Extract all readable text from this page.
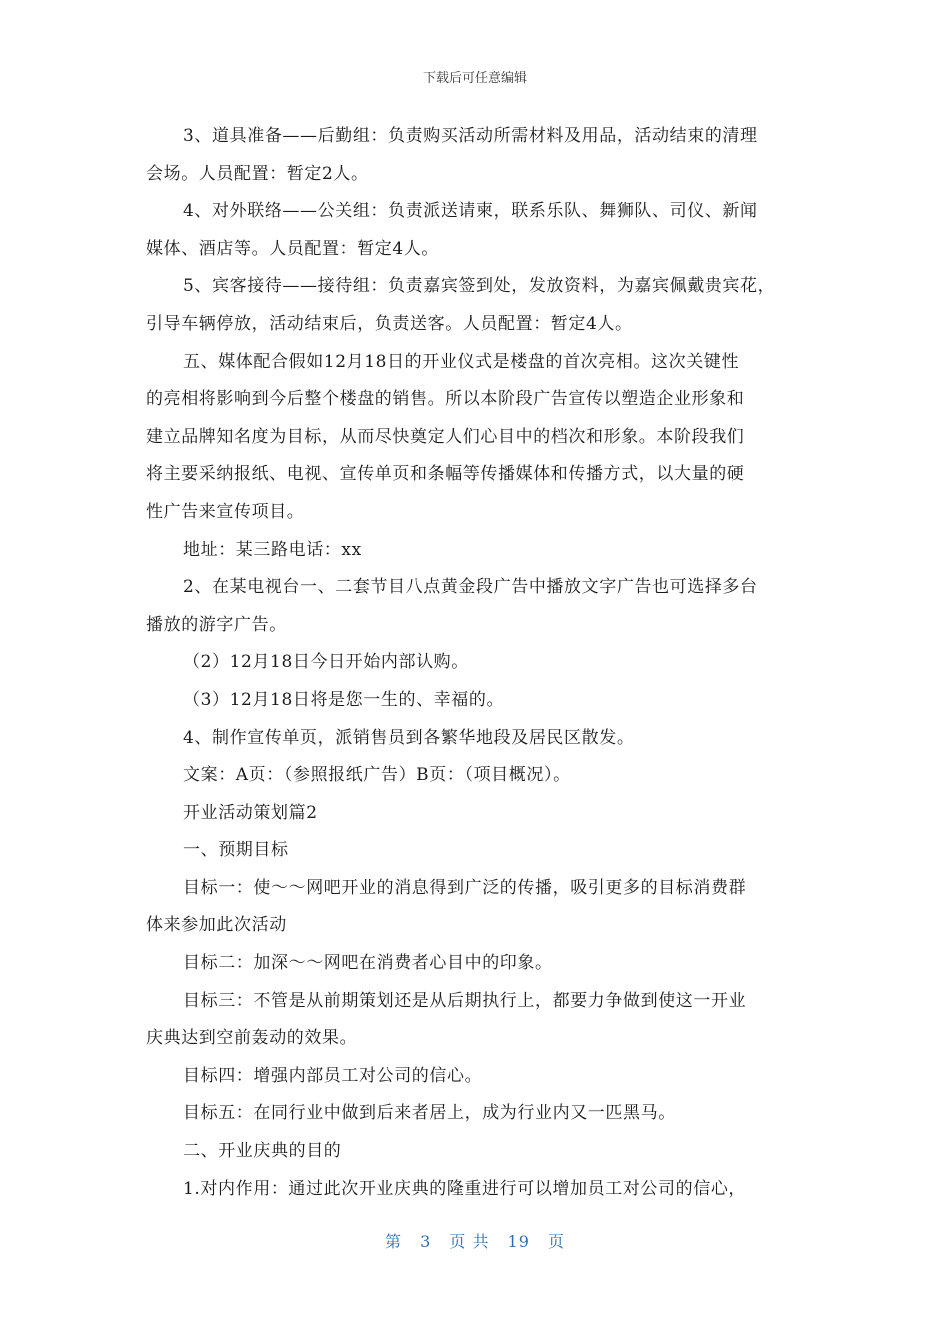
下载后可任意编辑
3、道具准备——后勤组：负责购买活动所需材料及用品，活动结束的清理
会场。人员配置：暂定2人。
4、对外联络——公关组：负责派送请柬，联系乐队、舞狮队、司仪、新闻
媒体、酒店等。人员配置：暂定4人。
5、宾客接待——接待组：负责嘉宾签到处，发放资料，为嘉宾佩戴贵宾花，
引导车辆停放，活动结束后，负责送客。人员配置：暂定4人。
五、媒体配合假如12月18日的开业仪式是楼盘的首次亮相。这次关键性
的亮相将影响到今后整个楼盘的销售。所以本阶段广告宣传以塑造企业形象和
建立品牌知名度为目标，从而尽快奠定人们心目中的档次和形象。本阶段我们
将主要采纳报纸、电视、宣传单页和条幅等传播媒体和传播方式，以大量的硬
性广告来宣传项目。
地址：某三路电话：xx
2、在某电视台一、二套节目八点黄金段广告中播放文字广告也可选择多台
播放的游字广告。
（2）12月18日今日开始内部认购。
（3）12月18日将是您一生的、幸福的。
4、制作宣传单页，派销售员到各繁华地段及居民区散发。
文案：A页：（参照报纸广告）B页：（项目概况）。
开业活动策划篇2
一、预期目标
目标一：使～～网吧开业的消息得到广泛的传播，吸引更多的目标消费群
体来参加此次活动
目标二：加深～～网吧在消费者心目中的印象。
目标三：不管是从前期策划还是从后期执行上，都要力争做到使这一开业
庆典达到空前轰动的效果。
目标四：增强内部员工对公司的信心。
目标五：在同行业中做到后来者居上，成为行业内又一匹黑马。
二、开业庆典的目的
1.对内作用：通过此次开业庆典的隆重进行可以增加员工对公司的信心，
第 3 页 共 19 页
